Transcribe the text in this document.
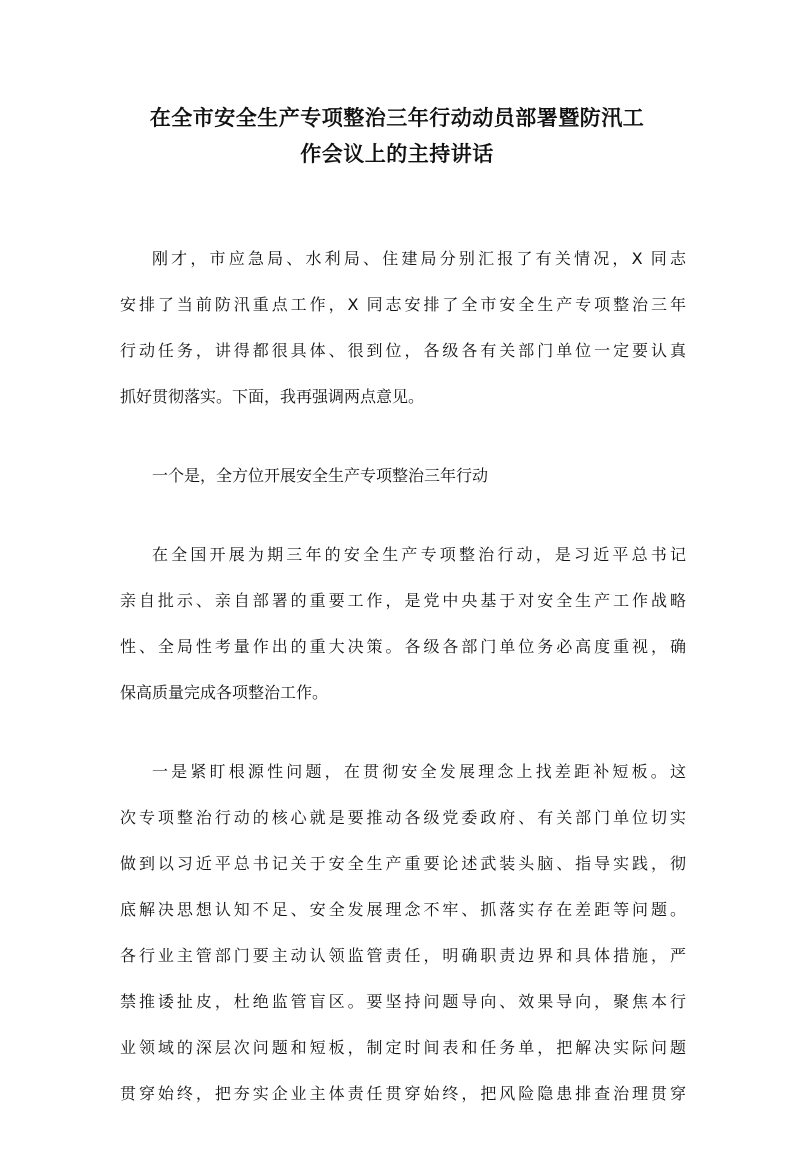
在全市安全生产专项整治三年行动动员部署暨防汛工
作会议上的主持讲话
刚才，市应急局、水利局、住建局分别汇报了有关情况，X 同志
安排了当前防汛重点工作，X 同志安排了全市安全生产专项整治三年
行动任务，讲得都很具体、很到位，各级各有关部门单位一定要认真
抓好贯彻落实。下面，我再强调两点意见。
一个是，全方位开展安全生产专项整治三年行动
在全国开展为期三年的安全生产专项整治行动，是习近平总书记
亲自批示、亲自部署的重要工作，是党中央基于对安全生产工作战略
性、全局性考量作出的重大决策。各级各部门单位务必高度重视，确
保高质量完成各项整治工作。
一是紧盯根源性问题，在贯彻安全发展理念上找差距补短板。这
次专项整治行动的核心就是要推动各级党委政府、有关部门单位切实
做到以习近平总书记关于安全生产重要论述武装头脑、指导实践，彻
底解决思想认知不足、安全发展理念不牢、抓落实存在差距等问题。
各行业主管部门要主动认领监管责任，明确职责边界和具体措施，严
禁推诿扯皮，杜绝监管盲区。要坚持问题导向、效果导向，聚焦本行
业领域的深层次问题和短板，制定时间表和任务单，把解决实际问题
贯穿始终，把夯实企业主体责任贯穿始终，把风险隐患排查治理贯穿
